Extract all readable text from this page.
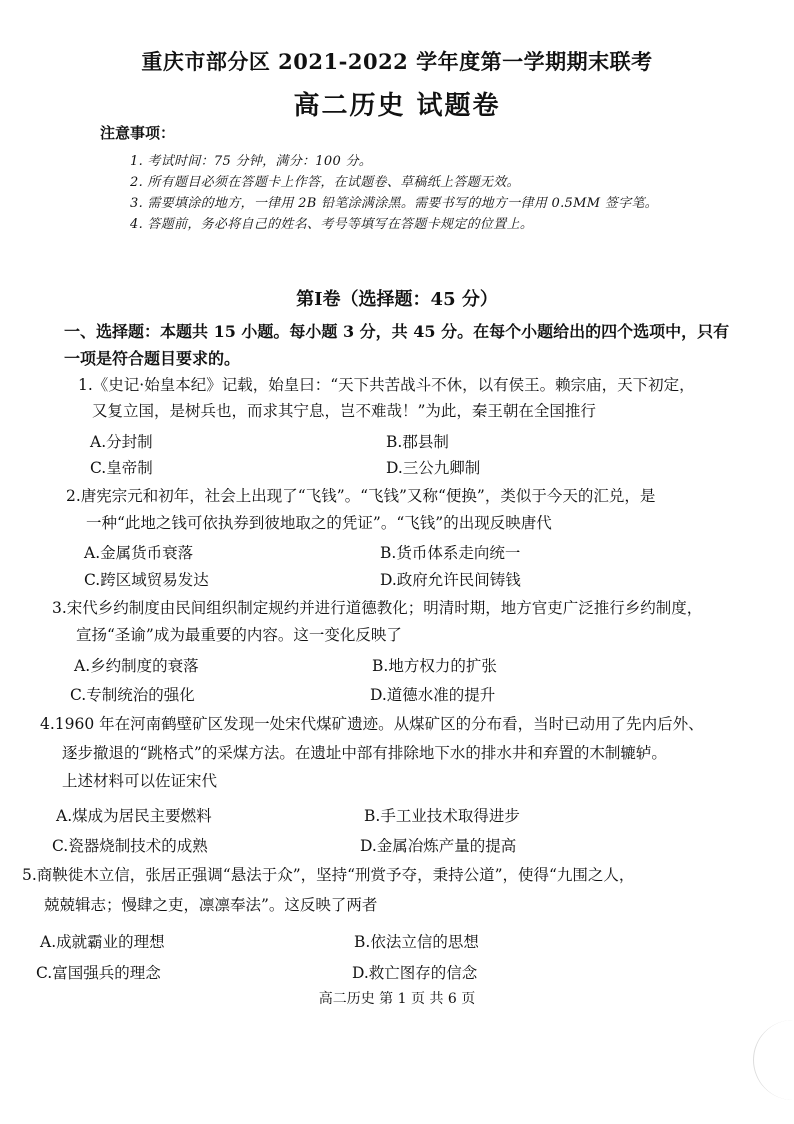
重庆市部分区 2021-2022 学年度第一学期期末联考
高二历史 试题卷
注意事项：
1. 考试时间：75 分钟，满分：100 分。
2. 所有题目必须在答题卡上作答，在试题卷、草稿纸上答题无效。
3. 需要填涂的地方，一律用 2B 铅笔涂满涂黑。需要书写的地方一律用 0.5MM 签字笔。
4. 答题前，务必将自己的姓名、考号等填写在答题卡规定的位置上。
第Ⅰ卷（选择题：45 分）
一、选择题：本题共 15 小题。每小题 3 分，共 45 分。在每个小题给出的四个选项中，只有一项是符合题目要求的。
1.《史记·始皇本纪》记载，始皇曰：“天下共苦战斗不休，以有侯王。赖宗庙，天下初定，
又复立国，是树兵也，而求其宁息，岂不难哉！”为此，秦王朝在全国推行
A.分封制	B.郡县制
C.皇帝制	D.三公九卿制
2.唐宪宗元和初年，社会上出现了“飞钱”。“飞钱”又称“便换”，类似于今天的汇兑，是
一种“此地之钱可依执券到彼地取之的凭证”。“飞钱”的出现反映唐代
A.金属货币衰落	B.货币体系走向统一
C.跨区域贸易发达	D.政府允许民间铸钱
3.宋代乡约制度由民间组织制定规约并进行道德教化；明清时期，地方官吏广泛推行乡约制度，
宣扬“圣谕”成为最重要的内容。这一变化反映了
A.乡约制度的衰落	B.地方权力的扩张
C.专制统治的强化	D.道德水准的提升
4.1960 年在河南鹤壁矿区发现一处宋代煤矿遗迹。从煤矿区的分布看，当时已动用了先内后外、
逐步撤退的“跳格式”的采煤方法。在遗址中部有排除地下水的排水井和弃置的木制辘轳。
上述材料可以佐证宋代
A.煤成为居民主要燃料	B.手工业技术取得进步
C.瓷器烧制技术的成熟	D.金属冶炼产量的提高
5.商鞅徙木立信，张居正强调“悬法于众”，坚持“刑赏予夺，秉持公道”，使得“九围之人，
兢兢辑志；慢肆之吏，凛凛奉法”。这反映了两者
A.成就霸业的理想	B.依法立信的思想
C.富国强兵的理念	D.救亡图存的信念
高二历史 第 1 页 共 6 页
